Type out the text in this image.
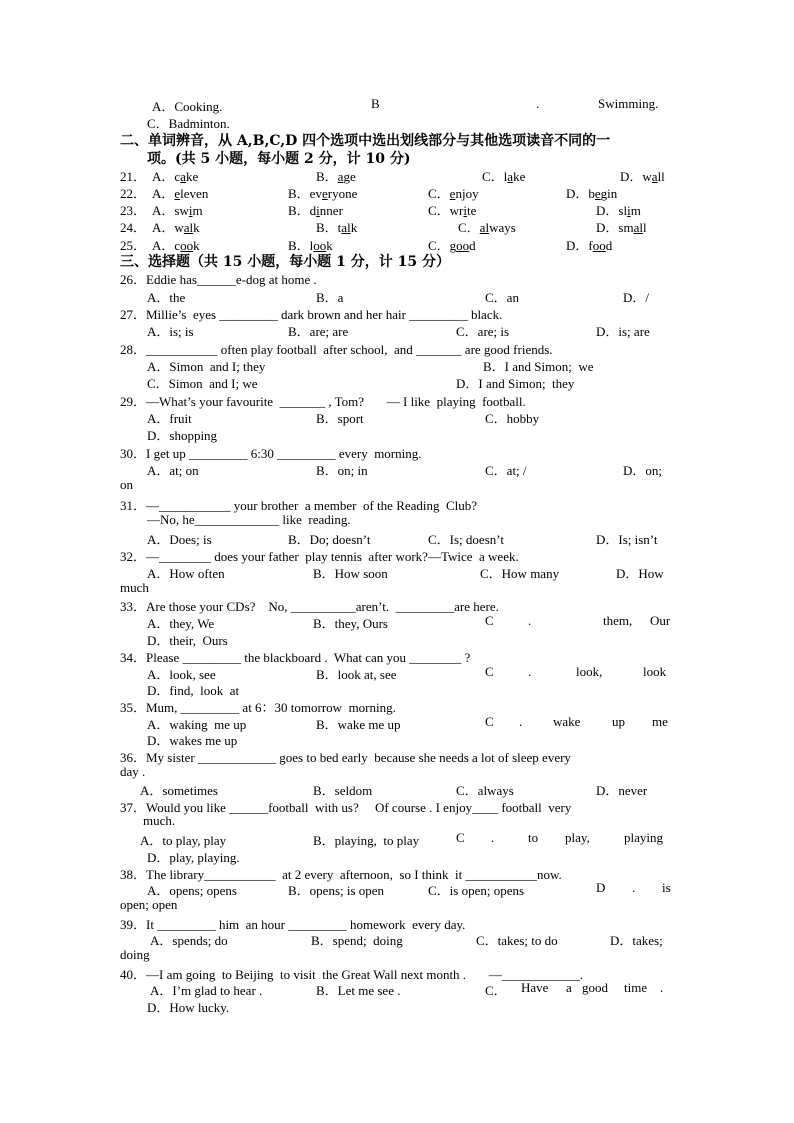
A．Cooking.	B	.	Swimming.
C．Badminton.
二、单词辨音，从 A,B,C,D 四个选项中选出划线部分与其他选项读音不同的一
项。(共 5 小题，每小题 2 分，计 10 分)
21． A．cake	B．age	C．lake	D．wall
22． A．eleven	B．everyone	C．enjoy	D．begin
23． A．swim	B．dinner	C．write	D．slim
24． A．walk	B．talk	C．always	D．small
25． A．cook	B．look	C．good	D．food
三、选择题（共 15 小题，每小题 1 分，计 15 分）
26．Eddie has______e-dog at home .
A．the	B．a	C．an	D．/
27．Millie’s  eyes _________ dark brown and her hair _________ black.
A．is; is	B．are; are	C．are; is	D．is; are
28．___________ often play football  after school,  and _______ are good friends.
A．Simon  and I; they	B．I and Simon;  we
C．Simon  and I; we	D．I and Simon;  they
29．—What’s your favourite  _______ , Tom?       — I like  playing  football.
A．fruit	B．sport	C．hobby
D．shopping
30．I get up _________ 6:30 _________ every  morning.
A．at; on	B．on; in	C．at; /	D．on;
on
31．—___________ your brother  a member  of the Reading  Club?
—No, he_____________ like  reading.
A．Does; is	B．Do; doesn’t	C．Is; doesn’t	D．Is; isn’t
32．—________ does your father  play tennis  after work?—Twice  a week.
A．How often	B．How soon	C．How many	D．How
much
33．Are those your CDs?    No, __________aren’t.  _________are here.
A．they, We	B．they, Ours	C	.	them, Our
D．their,  Ours
34．Please _________ the blackboard .  What can you ________ ?
A．look, see	B．look at, see	C	.	look,	look
D．find,  look  at
35．Mum, _________ at 6：30 tomorrow  morning.
A．waking  me up	B．wake me up	C . wake up me
D．wakes me up
36．My sister ____________ goes to bed early  because she needs a lot of sleep every
day .
A．sometimes	B．seldom	C．always	D．never
37．Would you like ______football  with us?     Of course . I enjoy____ football  very
much.
A．to play, play	B．playing,  to play	C .	to play,	playing
D．play, playing.
38．The library___________  at 2 every  afternoon,  so I think  it ___________now.
A．opens; opens	B．opens; is open	C．is open; opens	D . is
open; open
39．It _________ him  an hour _________ homework  every day.
A．spends; do	B．spend;  doing	C．takes; to do	D．takes;
doing
40．—I am going  to Beijing  to visit  the Great Wall next month .       —____________.
A．I’m glad to hear .	B．Let me see .	C． Have a good time .
D．How lucky.
